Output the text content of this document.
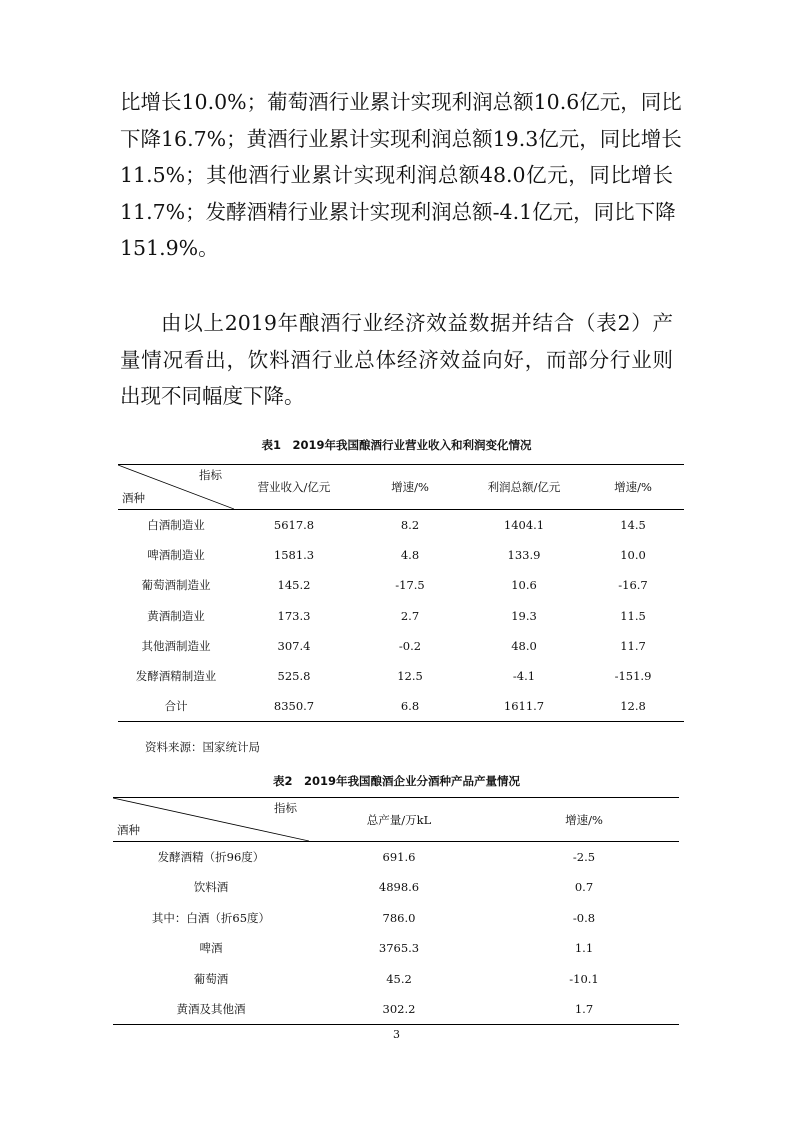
比增长10.0%；葡萄酒行业累计实现利润总额10.6亿元，同比
下降16.7%；黄酒行业累计实现利润总额19.3亿元，同比增长
11.5%；其他酒行业累计实现利润总额48.0亿元，同比增长
11.7%；发酵酒精行业累计实现利润总额-4.1亿元，同比下降
151.9%。
由以上2019年酿酒行业经济效益数据并结合（表2）产
量情况看出，饮料酒行业总体经济效益向好，而部分行业则
出现不同幅度下降。
表1　2019年我国酿酒行业营业收入和利润变化情况
指标
酒种	营业收入/亿元	增速/%	利润总额/亿元	增速/%
白酒制造业	5617.8	8.2	1404.1	14.5
啤酒制造业	1581.3	4.8	133.9	10.0
葡萄酒制造业	145.2	-17.5	10.6	-16.7
黄酒制造业	173.3	2.7	19.3	11.5
其他酒制造业	307.4	-0.2	48.0	11.7
发酵酒精制造业	525.8	12.5	-4.1	-151.9
合计	8350.7	6.8	1611.7	12.8
资料来源：国家统计局
表2　2019年我国酿酒企业分酒种产品产量情况
指标
酒种	总产量/万kL	增速/%
发酵酒精（折96度）	691.6	-2.5
饮料酒	4898.6	0.7
其中：白酒（折65度）	786.0	-0.8
啤酒	3765.3	1.1
葡萄酒	45.2	-10.1
黄酒及其他酒	302.2	1.7
3
